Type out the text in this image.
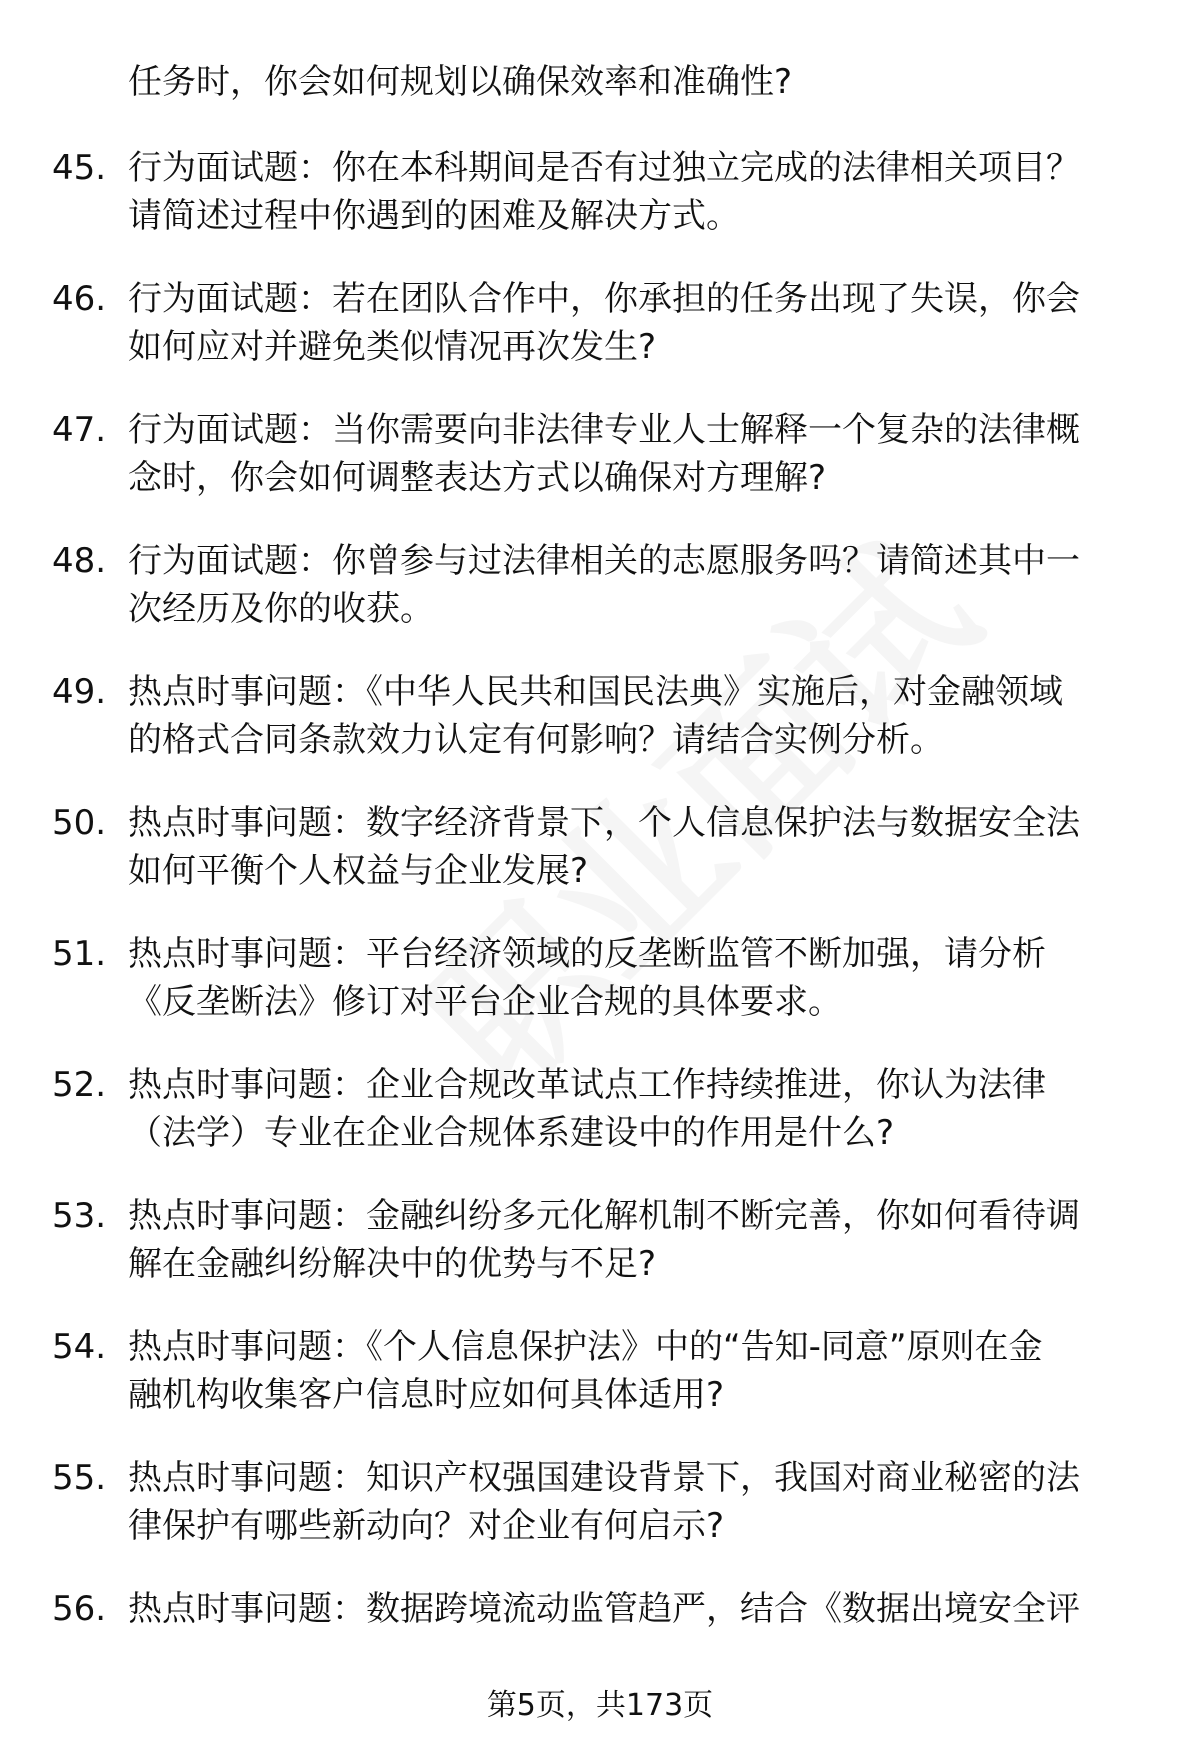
任务时，你会如何规划以确保效率和准确性?
45. 行为面试题：你在本科期间是否有过独立完成的法律相关项目？
请简述过程中你遇到的困难及解决方式。
46. 行为面试题：若在团队合作中，你承担的任务出现了失误，你会
如何应对并避免类似情况再次发生?
47. 行为面试题：当你需要向非法律专业人士解释一个复杂的法律概
念时，你会如何调整表达方式以确保对方理解?
48. 行为面试题：你曾参与过法律相关的志愿服务吗？请简述其中一
次经历及你的收获。
49. 热点时事问题：《中华人民共和国民法典》实施后，对金融领域
的格式合同条款效力认定有何影响？请结合实例分析。
50. 热点时事问题：数字经济背景下，个人信息保护法与数据安全法
如何平衡个人权益与企业发展?
51. 热点时事问题：平台经济领域的反垄断监管不断加强，请分析
《反垄断法》修订对平台企业合规的具体要求。
52. 热点时事问题：企业合规改革试点工作持续推进，你认为法律
（法学）专业在企业合规体系建设中的作用是什么?
53. 热点时事问题：金融纠纷多元化解机制不断完善，你如何看待调
解在金融纠纷解决中的优势与不足?
54. 热点时事问题：《个人信息保护法》中的“告知-同意”原则在金
融机构收集客户信息时应如何具体适用?
55. 热点时事问题：知识产权强国建设背景下，我国对商业秘密的法
律保护有哪些新动向？对企业有何启示?
56. 热点时事问题：数据跨境流动监管趋严，结合《数据出境安全评
第5页，共173页
